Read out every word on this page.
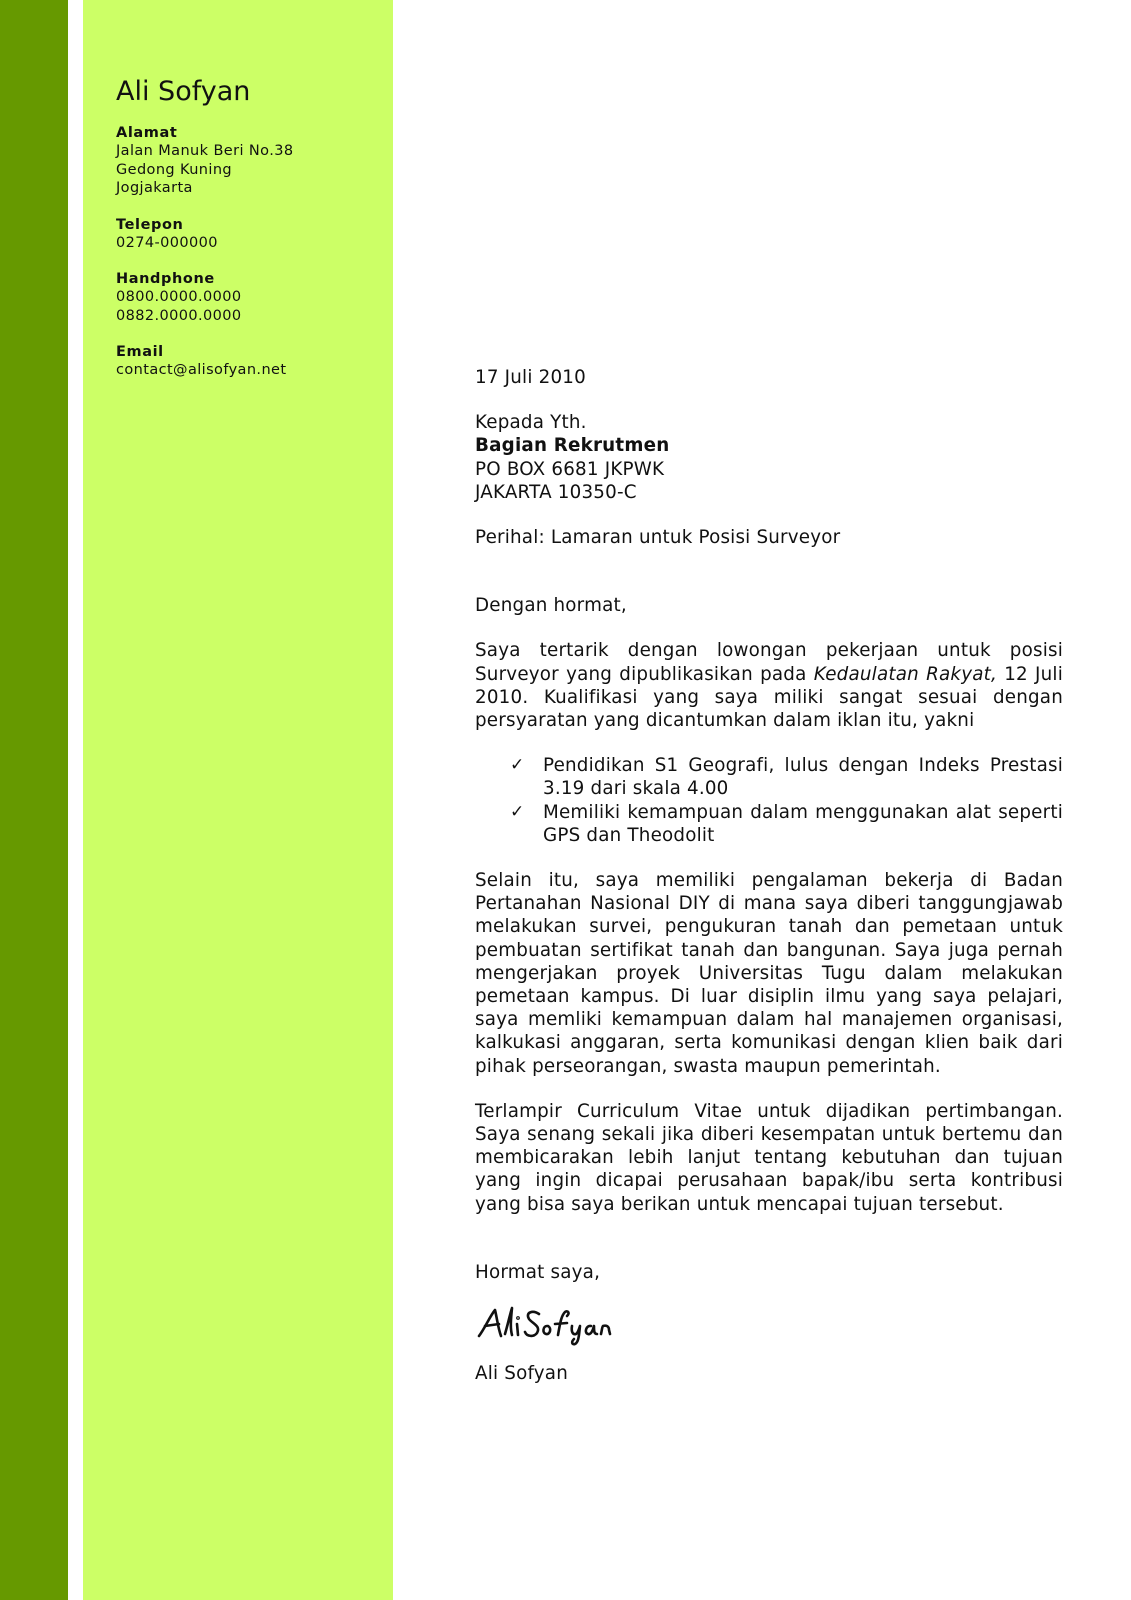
Ali Sofyan
Alamat
Jalan Manuk Beri No.38
Gedong Kuning
Jogjakarta
Telepon
0274-000000
Handphone
0800.0000.0000
0882.0000.0000
Email
contact@alisofyan.net	17 Juli 2010

Kepada Yth.

Bagian Rekrutmen

PO BOX 6681 JKPWK

JAKARTA 10350-C

Perihal: Lamaran untuk Posisi Surveyor

Dengan hormat,

Saya tertarik dengan lowongan pekerjaan untuk posisi Surveyor yang dipublikasikan pada Kedaulatan Rakyat, 12 Juli 2010. Kualifikasi yang saya miliki sangat sesuai dengan persyaratan yang dicantumkan dalam iklan itu, yakni

✓ Pendidikan S1 Geografi, lulus dengan Indeks Prestasi 3.19 dari skala 4.00
✓ Memiliki kemampuan dalam menggunakan alat seperti GPS dan Theodolit

Selain itu, saya memiliki pengalaman bekerja di Badan Pertanahan Nasional DIY di mana saya diberi tanggungjawab melakukan survei, pengukuran tanah dan pemetaan untuk pembuatan sertifikat tanah dan bangunan. Saya juga pernah mengerjakan proyek Universitas Tugu dalam melakukan pemetaan kampus. Di luar disiplin ilmu yang saya pelajari, saya memliki kemampuan dalam hal manajemen organisasi, kalkukasi anggaran, serta komunikasi dengan klien baik dari pihak perseorangan, swasta maupun pemerintah.

Terlampir Curriculum Vitae untuk dijadikan pertimbangan. Saya senang sekali jika diberi kesempatan untuk bertemu dan membicarakan lebih lanjut tentang kebutuhan dan tujuan yang ingin dicapai perusahaan bapak/ibu serta kontribusi yang bisa saya berikan untuk mencapai tujuan tersebut.

Hormat saya,

Ali Sofyan
